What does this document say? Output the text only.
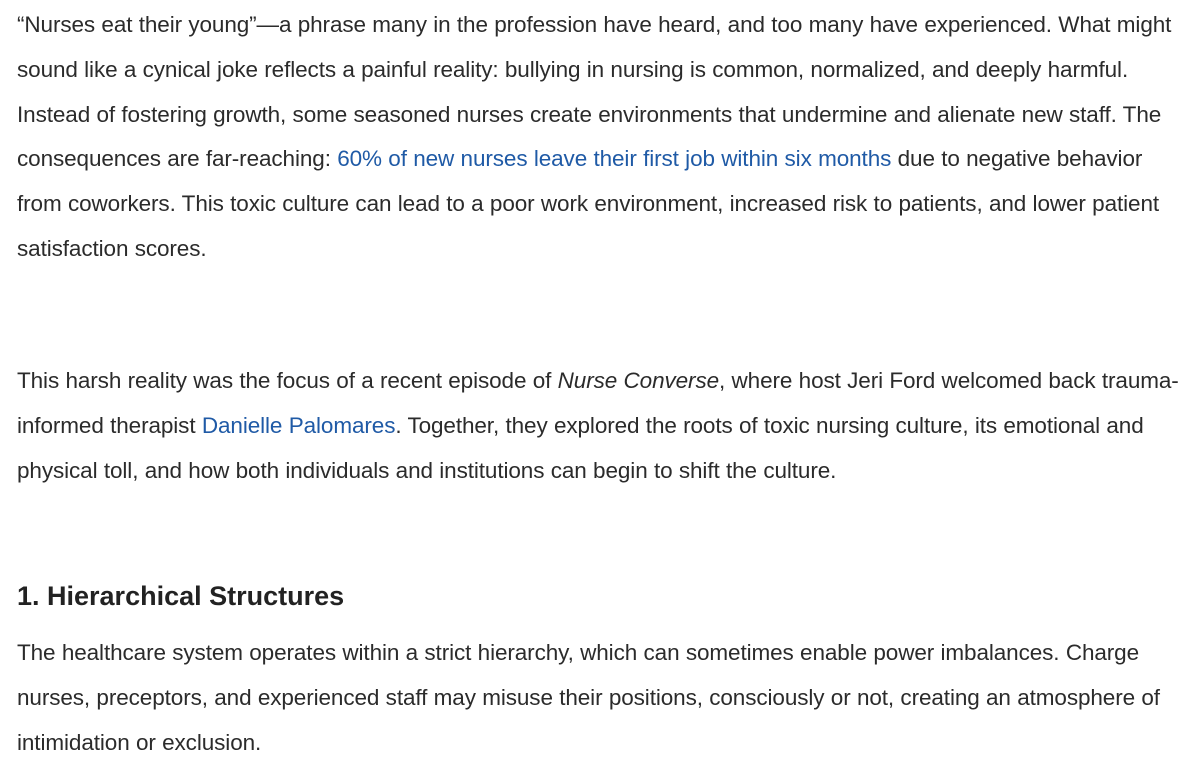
“Nurses eat their young”—a phrase many in the profession have heard, and too many have experienced. What might sound like a cynical joke reflects a painful reality: bullying in nursing is common, normalized, and deeply harmful. Instead of fostering growth, some seasoned nurses create environments that undermine and alienate new staff. The consequences are far-reaching: 60% of new nurses leave their first job within six months due to negative behavior from coworkers. This toxic culture can lead to a poor work environment, increased risk to patients, and lower patient satisfaction scores.

This harsh reality was the focus of a recent episode of Nurse Converse, where host Jeri Ford welcomed back trauma-informed therapist Danielle Palomares. Together, they explored the roots of toxic nursing culture, its emotional and physical toll, and how both individuals and institutions can begin to shift the culture.

1. Hierarchical Structures

The healthcare system operates within a strict hierarchy, which can sometimes enable power imbalances. Charge nurses, preceptors, and experienced staff may misuse their positions, consciously or not, creating an atmosphere of intimidation or exclusion.
